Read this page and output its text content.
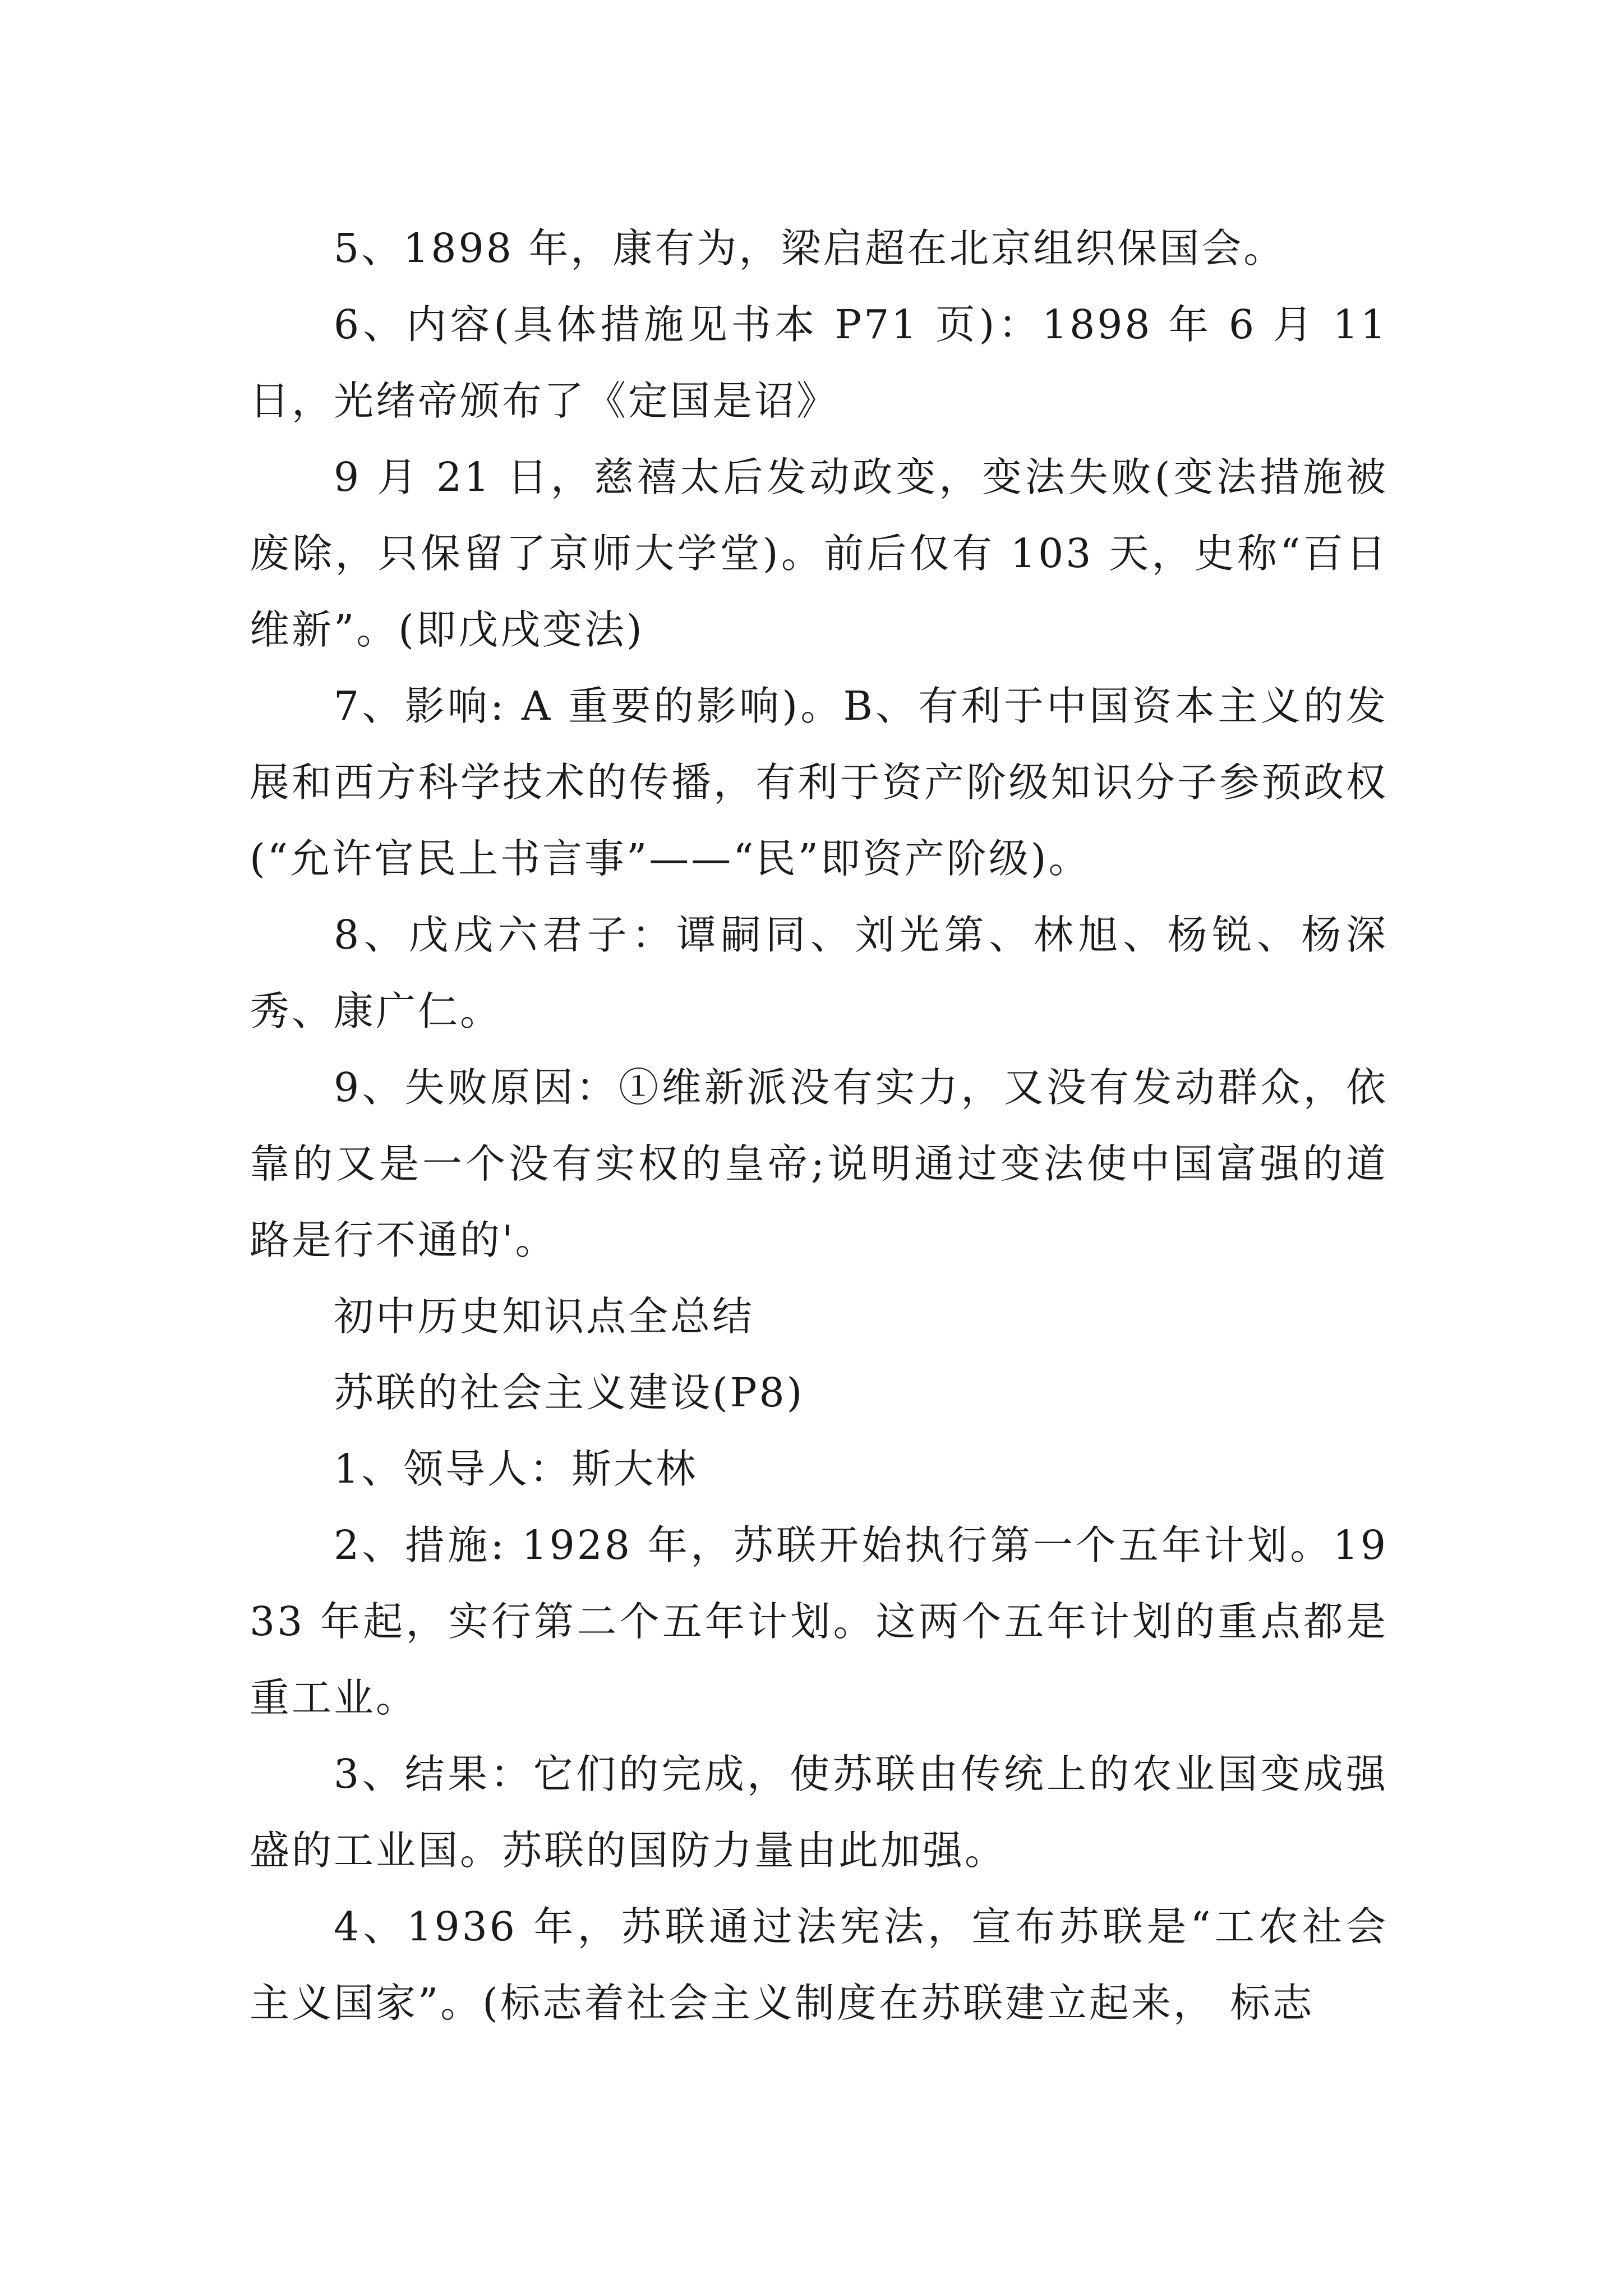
5、1898 年，康有为，梁启超在北京组织保国会。

6、内容(具体措施见书本 P71 页)：1898 年 6 月 11 日，光绪帝颁布了《定国是诏》

9 月 21 日，慈禧太后发动政变，变法失败(变法措施被废除，只保留了京师大学堂)。前后仅有 103 天，史称“百日维新”。(即戊戌变法)

7、影响: A 重要的影响)。B、有利于中国资本主义的发展和西方科学技术的传播，有利于资产阶级知识分子参预政权(“允许官民上书言事”——“民”即资产阶级)。

8、戊戌六君子：谭嗣同、刘光第、林旭、杨锐、杨深秀、康广仁。

9、失败原因：①维新派没有实力，又没有发动群众，依靠的又是一个没有实权的皇帝;说明通过变法使中国富强的道路是行不通的'。

初中历史知识点全总结

苏联的社会主义建设(P8)

1、领导人：斯大林

2、措施: 1928 年，苏联开始执行第一个五年计划。1933 年起，实行第二个五年计划。这两个五年计划的重点都是重工业。

3、结果：它们的完成，使苏联由传统上的农业国变成强盛的工业国。苏联的国防力量由此加强。

4、1936 年，苏联通过法宪法，宣布苏联是“工农社会主义国家”。(标志着社会主义制度在苏联建立起来， 标志
